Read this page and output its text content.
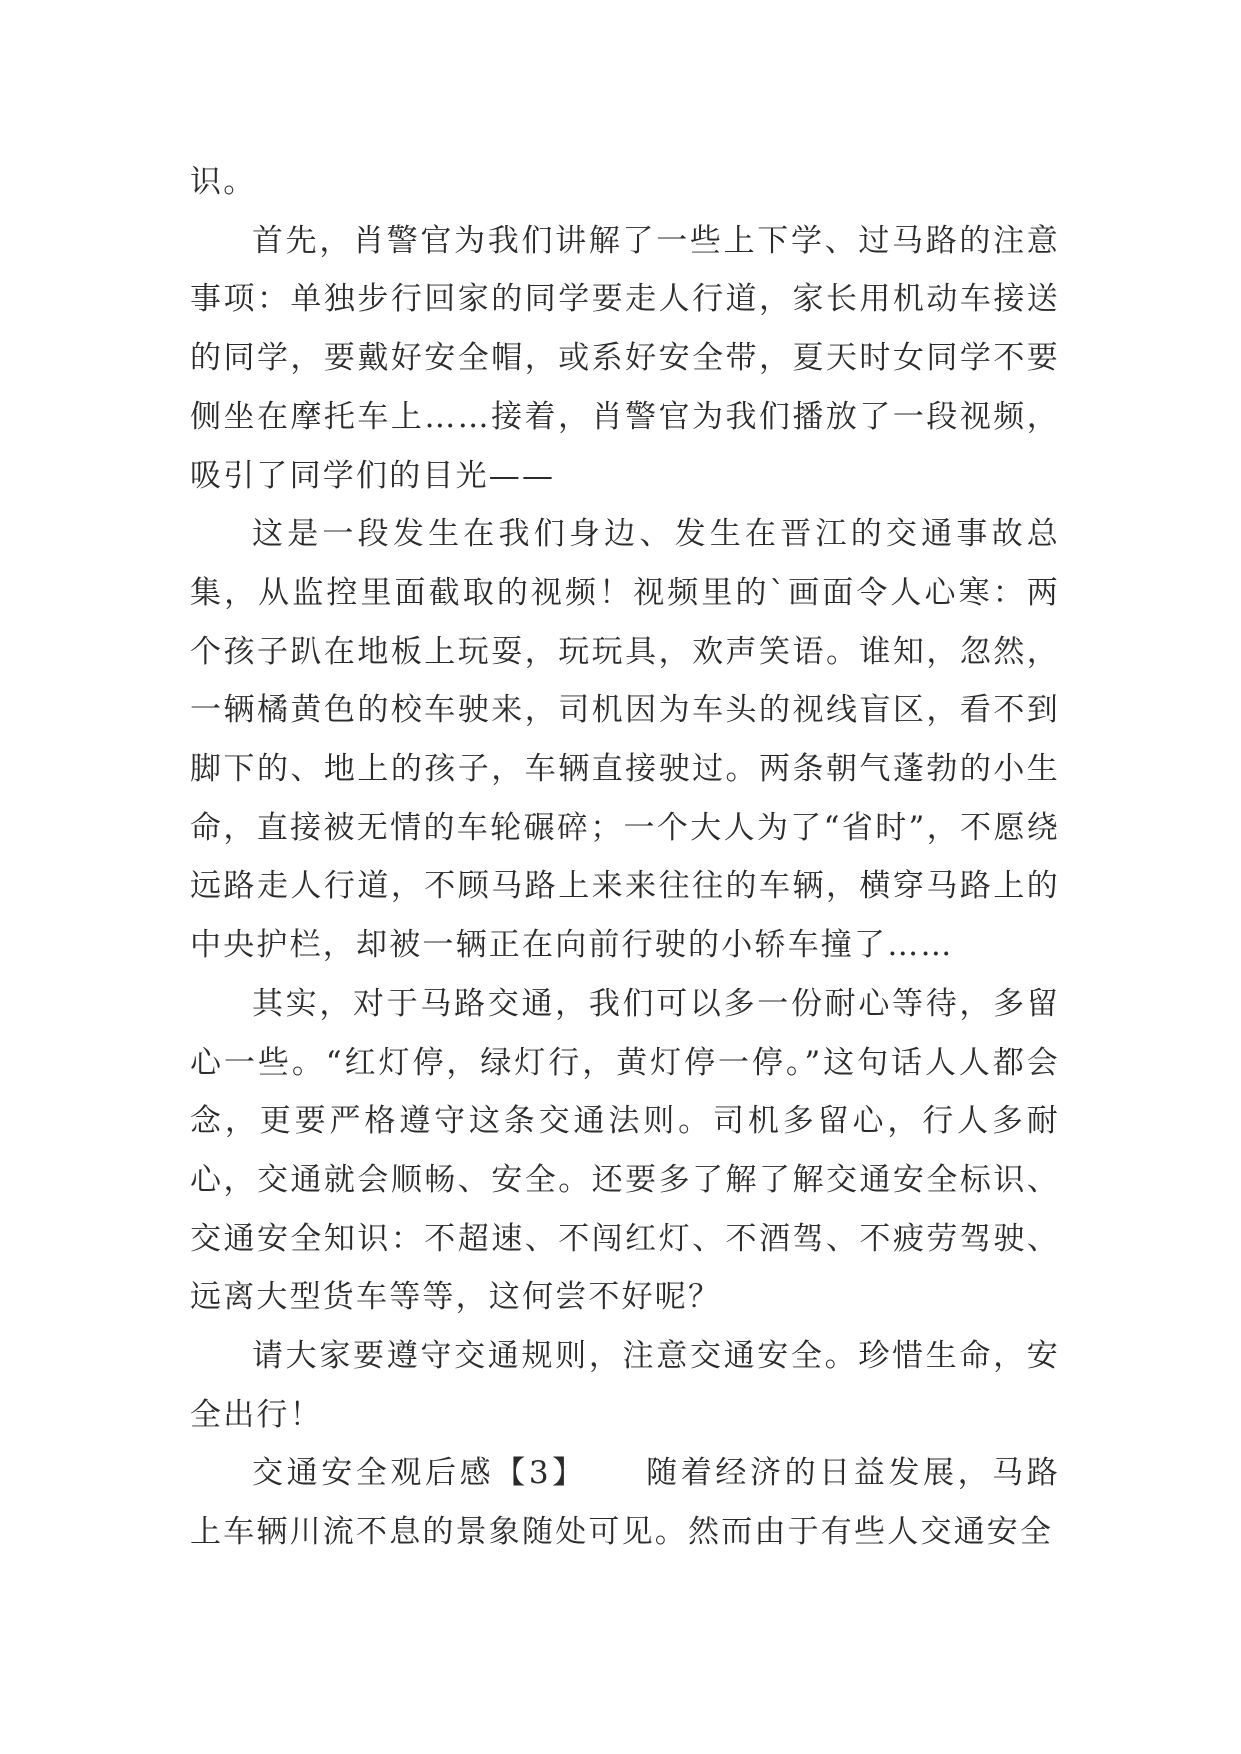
识。

首先，肖警官为我们讲解了一些上下学、过马路的注意事项：单独步行回家的同学要走人行道，家长用机动车接送的同学，要戴好安全帽，或系好安全带，夏天时女同学不要侧坐在摩托车上……接着，肖警官为我们播放了一段视频，吸引了同学们的目光——

这是一段发生在我们身边、发生在晋江的交通事故总集，从监控里面截取的视频！视频里的`画面令人心寒：两个孩子趴在地板上玩耍，玩玩具，欢声笑语。谁知，忽然，一辆橘黄色的校车驶来，司机因为车头的视线盲区，看不到脚下的、地上的孩子，车辆直接驶过。两条朝气蓬勃的小生命，直接被无情的车轮碾碎；一个大人为了“省时”，不愿绕远路走人行道，不顾马路上来来往往的车辆，横穿马路上的中央护栏，却被一辆正在向前行驶的小轿车撞了……

其实，对于马路交通，我们可以多一份耐心等待，多留心一些。“红灯停，绿灯行，黄灯停一停。”这句话人人都会念，更要严格遵守这条交通法则。司机多留心，行人多耐心，交通就会顺畅、安全。还要多了解了解交通安全标识、交通安全知识：不超速、不闯红灯、不酒驾、不疲劳驾驶、远离大型货车等等，这何尝不好呢？

请大家要遵守交通规则，注意交通安全。珍惜生命，安全出行！

交通安全观后感【3】 随着经济的日益发展，马路上车辆川流不息的景象随处可见。然而由于有些人交通安全
